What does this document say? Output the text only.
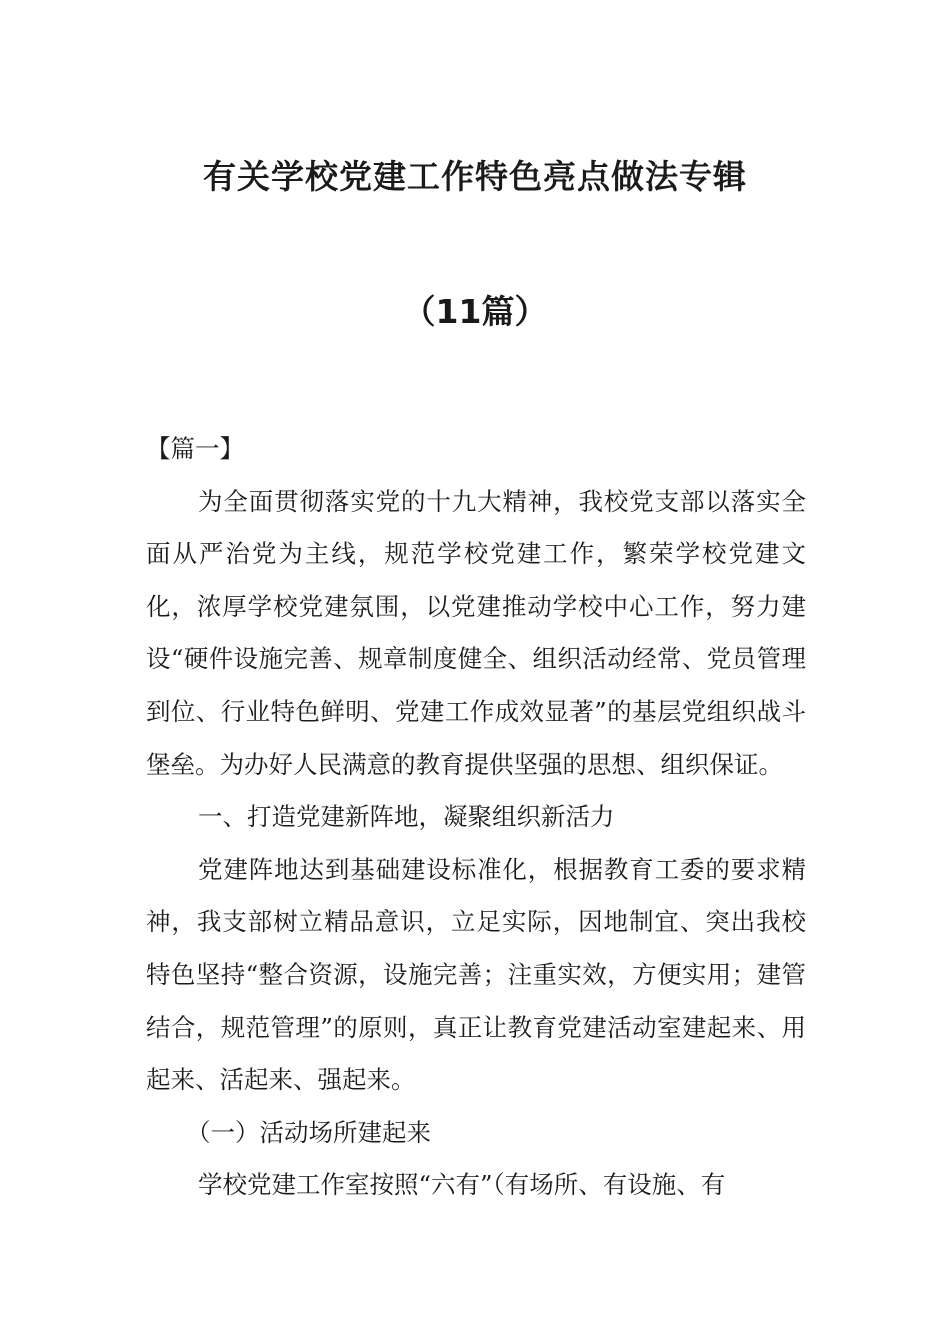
有关学校党建工作特色亮点做法专辑
（11篇）

【篇一】

为全面贯彻落实党的十九大精神，我校党支部以落实全面从严治党为主线，规范学校党建工作，繁荣学校党建文化，浓厚学校党建氛围，以党建推动学校中心工作，努力建设“硬件设施完善、规章制度健全、组织活动经常、党员管理到位、行业特色鲜明、党建工作成效显著”的基层党组织战斗堡垒。为办好人民满意的教育提供坚强的思想、组织保证。

一、打造党建新阵地，凝聚组织新活力

党建阵地达到基础建设标准化，根据教育工委的要求精神，我支部树立精品意识，立足实际，因地制宜、突出我校特色坚持“整合资源，设施完善；注重实效，方便实用；建管结合，规范管理”的原则，真正让教育党建活动室建起来、用起来、活起来、强起来。

（一）活动场所建起来

学校党建工作室按照“六有”（有场所、有设施、有
